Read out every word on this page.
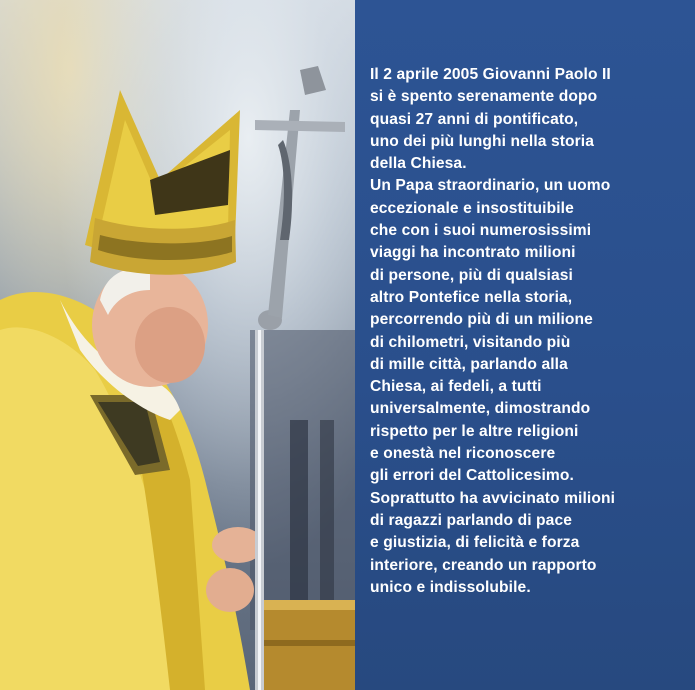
Il 2 aprile 2005 Giovanni Paolo II
si è spento serenamente dopo
quasi 27 anni di pontificato,
uno dei più lunghi nella storia
della Chiesa.
Un Papa straordinario, un uomo
eccezionale e insostituibile
che con i suoi numerosissimi
viaggi ha incontrato milioni
di persone, più di qualsiasi
altro Pontefice nella storia,
percorrendo più di un milione
di chilometri, visitando più
di mille città, parlando alla
Chiesa, ai fedeli, a tutti
universalmente, dimostrando
rispetto per le altre religioni
e onestà nel riconoscere
gli errori del Cattolicesimo.
Soprattutto ha avvicinato milioni
di ragazzi parlando di pace
e giustizia, di felicità e forza
interiore, creando un rapporto
unico e indissolubile.
